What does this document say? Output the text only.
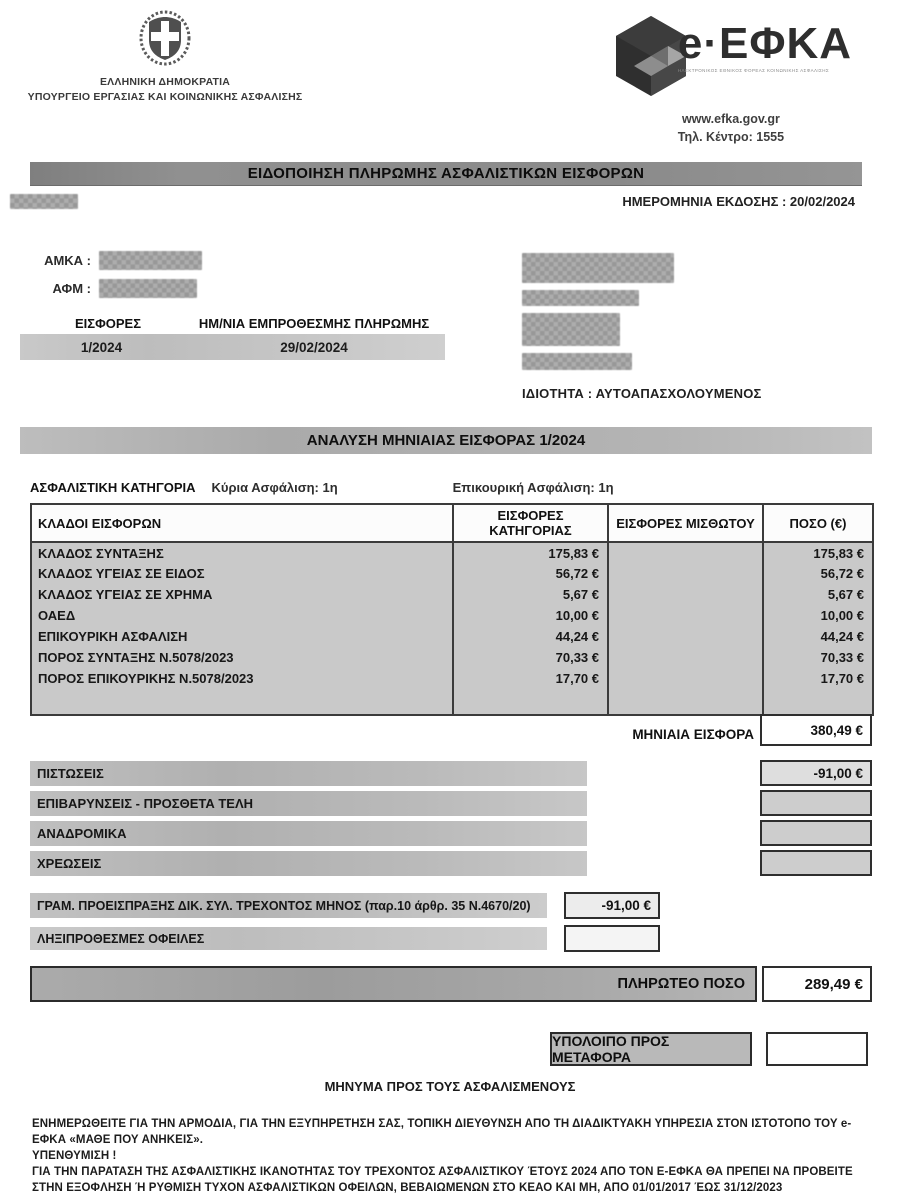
ΕΛΛΗΝΙΚΗ ΔΗΜΟΚΡΑΤΙΑ
ΥΠΟΥΡΓΕΙΟ ΕΡΓΑΣΙΑΣ ΚΑΙ ΚΟΙΝΩΝΙΚΗΣ ΑΣΦΑΛΙΣΗΣ
e·ΕΦΚΑ
ΗΛΕΚΤΡΟΝΙΚΟΣ ΕΘΝΙΚΟΣ ΦΟΡΕΑΣ ΚΟΙΝΩΝΙΚΗΣ ΑΣΦΑΛΙΣΗΣ
www.efka.gov.gr
Τηλ. Κέντρο: 1555
ΕΙΔΟΠΟΙΗΣΗ ΠΛΗΡΩΜΗΣ ΑΣΦΑΛΙΣΤΙΚΩΝ ΕΙΣΦΟΡΩΝ
ΗΜΕΡΟΜΗΝΙΑ ΕΚΔΟΣΗΣ : 20/02/2024
ΑΜΚΑ :
ΑΦΜ :
ΕΙΣΦΟΡΕΣ	ΗΜ/ΝΙΑ ΕΜΠΡΟΘΕΣΜΗΣ ΠΛΗΡΩΜΗΣ
1/2024	29/02/2024
ΙΔΙΟΤΗΤΑ : ΑΥΤΟΑΠΑΣΧΟΛΟΥΜΕΝΟΣ
ΑΝΑΛΥΣΗ ΜΗΝΙΑΙΑΣ ΕΙΣΦΟΡΑΣ 1/2024
ΑΣΦΑΛΙΣΤΙΚΗ ΚΑΤΗΓΟΡΙΑ Κύρια Ασφάλιση: 1η	Επικουρική Ασφάλιση: 1η
ΚΛΑΔΟΙ ΕΙΣΦΟΡΩΝ	ΕΙΣΦΟΡΕΣ ΚΑΤΗΓΟΡΙΑΣ	ΕΙΣΦΟΡΕΣ ΜΙΣΘΩΤΟΥ	ΠΟΣΟ (€)
ΚΛΑΔΟΣ ΣΥΝΤΑΞΗΣ	175,83 €		175,83 €
ΚΛΑΔΟΣ ΥΓΕΙΑΣ ΣΕ ΕΙΔΟΣ	56,72 €		56,72 €
ΚΛΑΔΟΣ ΥΓΕΙΑΣ ΣΕ ΧΡΗΜΑ	5,67 €		5,67 €
ΟΑΕΔ	10,00 €		10,00 €
ΕΠΙΚΟΥΡΙΚΗ ΑΣΦΑΛΙΣΗ	44,24 €		44,24 €
ΠΟΡΟΣ ΣΥΝΤΑΞΗΣ Ν.5078/2023	70,33 €		70,33 €
ΠΟΡΟΣ ΕΠΙΚΟΥΡΙΚΗΣ Ν.5078/2023	17,70 €		17,70 €

ΜΗΝΙΑΙΑ ΕΙΣΦΟΡΑ	380,49 €
ΠΙΣΤΩΣΕΙΣ	-91,00 €
ΕΠΙΒΑΡΥΝΣΕΙΣ - ΠΡΟΣΘΕΤΑ ΤΕΛΗ
ΑΝΑΔΡΟΜΙΚΑ
ΧΡΕΩΣΕΙΣ
ΓΡΑΜ. ΠΡΟΕΙΣΠΡΑΞΗΣ ΔΙΚ. ΣΥΛ. ΤΡΕΧΟΝΤΟΣ ΜΗΝΟΣ (παρ.10 άρθρ. 35 Ν.4670/20)	-91,00 €
ΛΗΞΙΠΡΟΘΕΣΜΕΣ ΟΦΕΙΛΕΣ
ΠΛΗΡΩΤΕΟ ΠΟΣΟ	289,49 €
ΥΠΟΛΟΙΠΟ ΠΡΟΣ ΜΕΤΑΦΟΡΑ
ΜΗΝΥΜΑ ΠΡΟΣ ΤΟΥΣ ΑΣΦΑΛΙΣΜΕΝΟΥΣ

ΕΝΗΜΕΡΩΘΕΙΤΕ ΓΙΑ ΤΗΝ ΑΡΜΟΔΙΑ, ΓΙΑ ΤΗΝ ΕΞΥΠΗΡΕΤΗΣΗ ΣΑΣ, ΤΟΠΙΚΗ ΔΙΕΥΘΥΝΣΗ ΑΠΟ ΤΗ ΔΙΑΔΙΚΤΥΑΚΗ ΥΠΗΡΕΣΙΑ ΣΤΟΝ ΙΣΤΟΤΟΠΟ ΤΟΥ e-ΕΦΚΑ «ΜΑΘΕ ΠΟΥ ΑΝΗΚΕΙΣ».

ΥΠΕΝΘΥΜΙΣΗ !

ΓΙΑ ΤΗΝ ΠΑΡΑΤΑΣΗ ΤΗΣ ΑΣΦΑΛΙΣΤΙΚΗΣ ΙΚΑΝΟΤΗΤΑΣ ΤΟΥ ΤΡΕΧΟΝΤΟΣ ΑΣΦΑΛΙΣΤΙΚΟΥ ΈΤΟΥΣ 2024 ΑΠΟ ΤΟΝ Ε-ΕΦΚΑ ΘΑ ΠΡΕΠΕΙ ΝΑ ΠΡΟΒΕΙΤΕ ΣΤΗΝ ΕΞΟΦΛΗΣΗ Ή ΡΥΘΜΙΣΗ ΤΥΧΟΝ ΑΣΦΑΛΙΣΤΙΚΩΝ ΟΦΕΙΛΩΝ, ΒΕΒΑΙΩΜΕΝΩΝ ΣΤΟ ΚΕΑΟ ΚΑΙ ΜΗ, ΑΠΟ 01/01/2017 ΈΩΣ 31/12/2023
